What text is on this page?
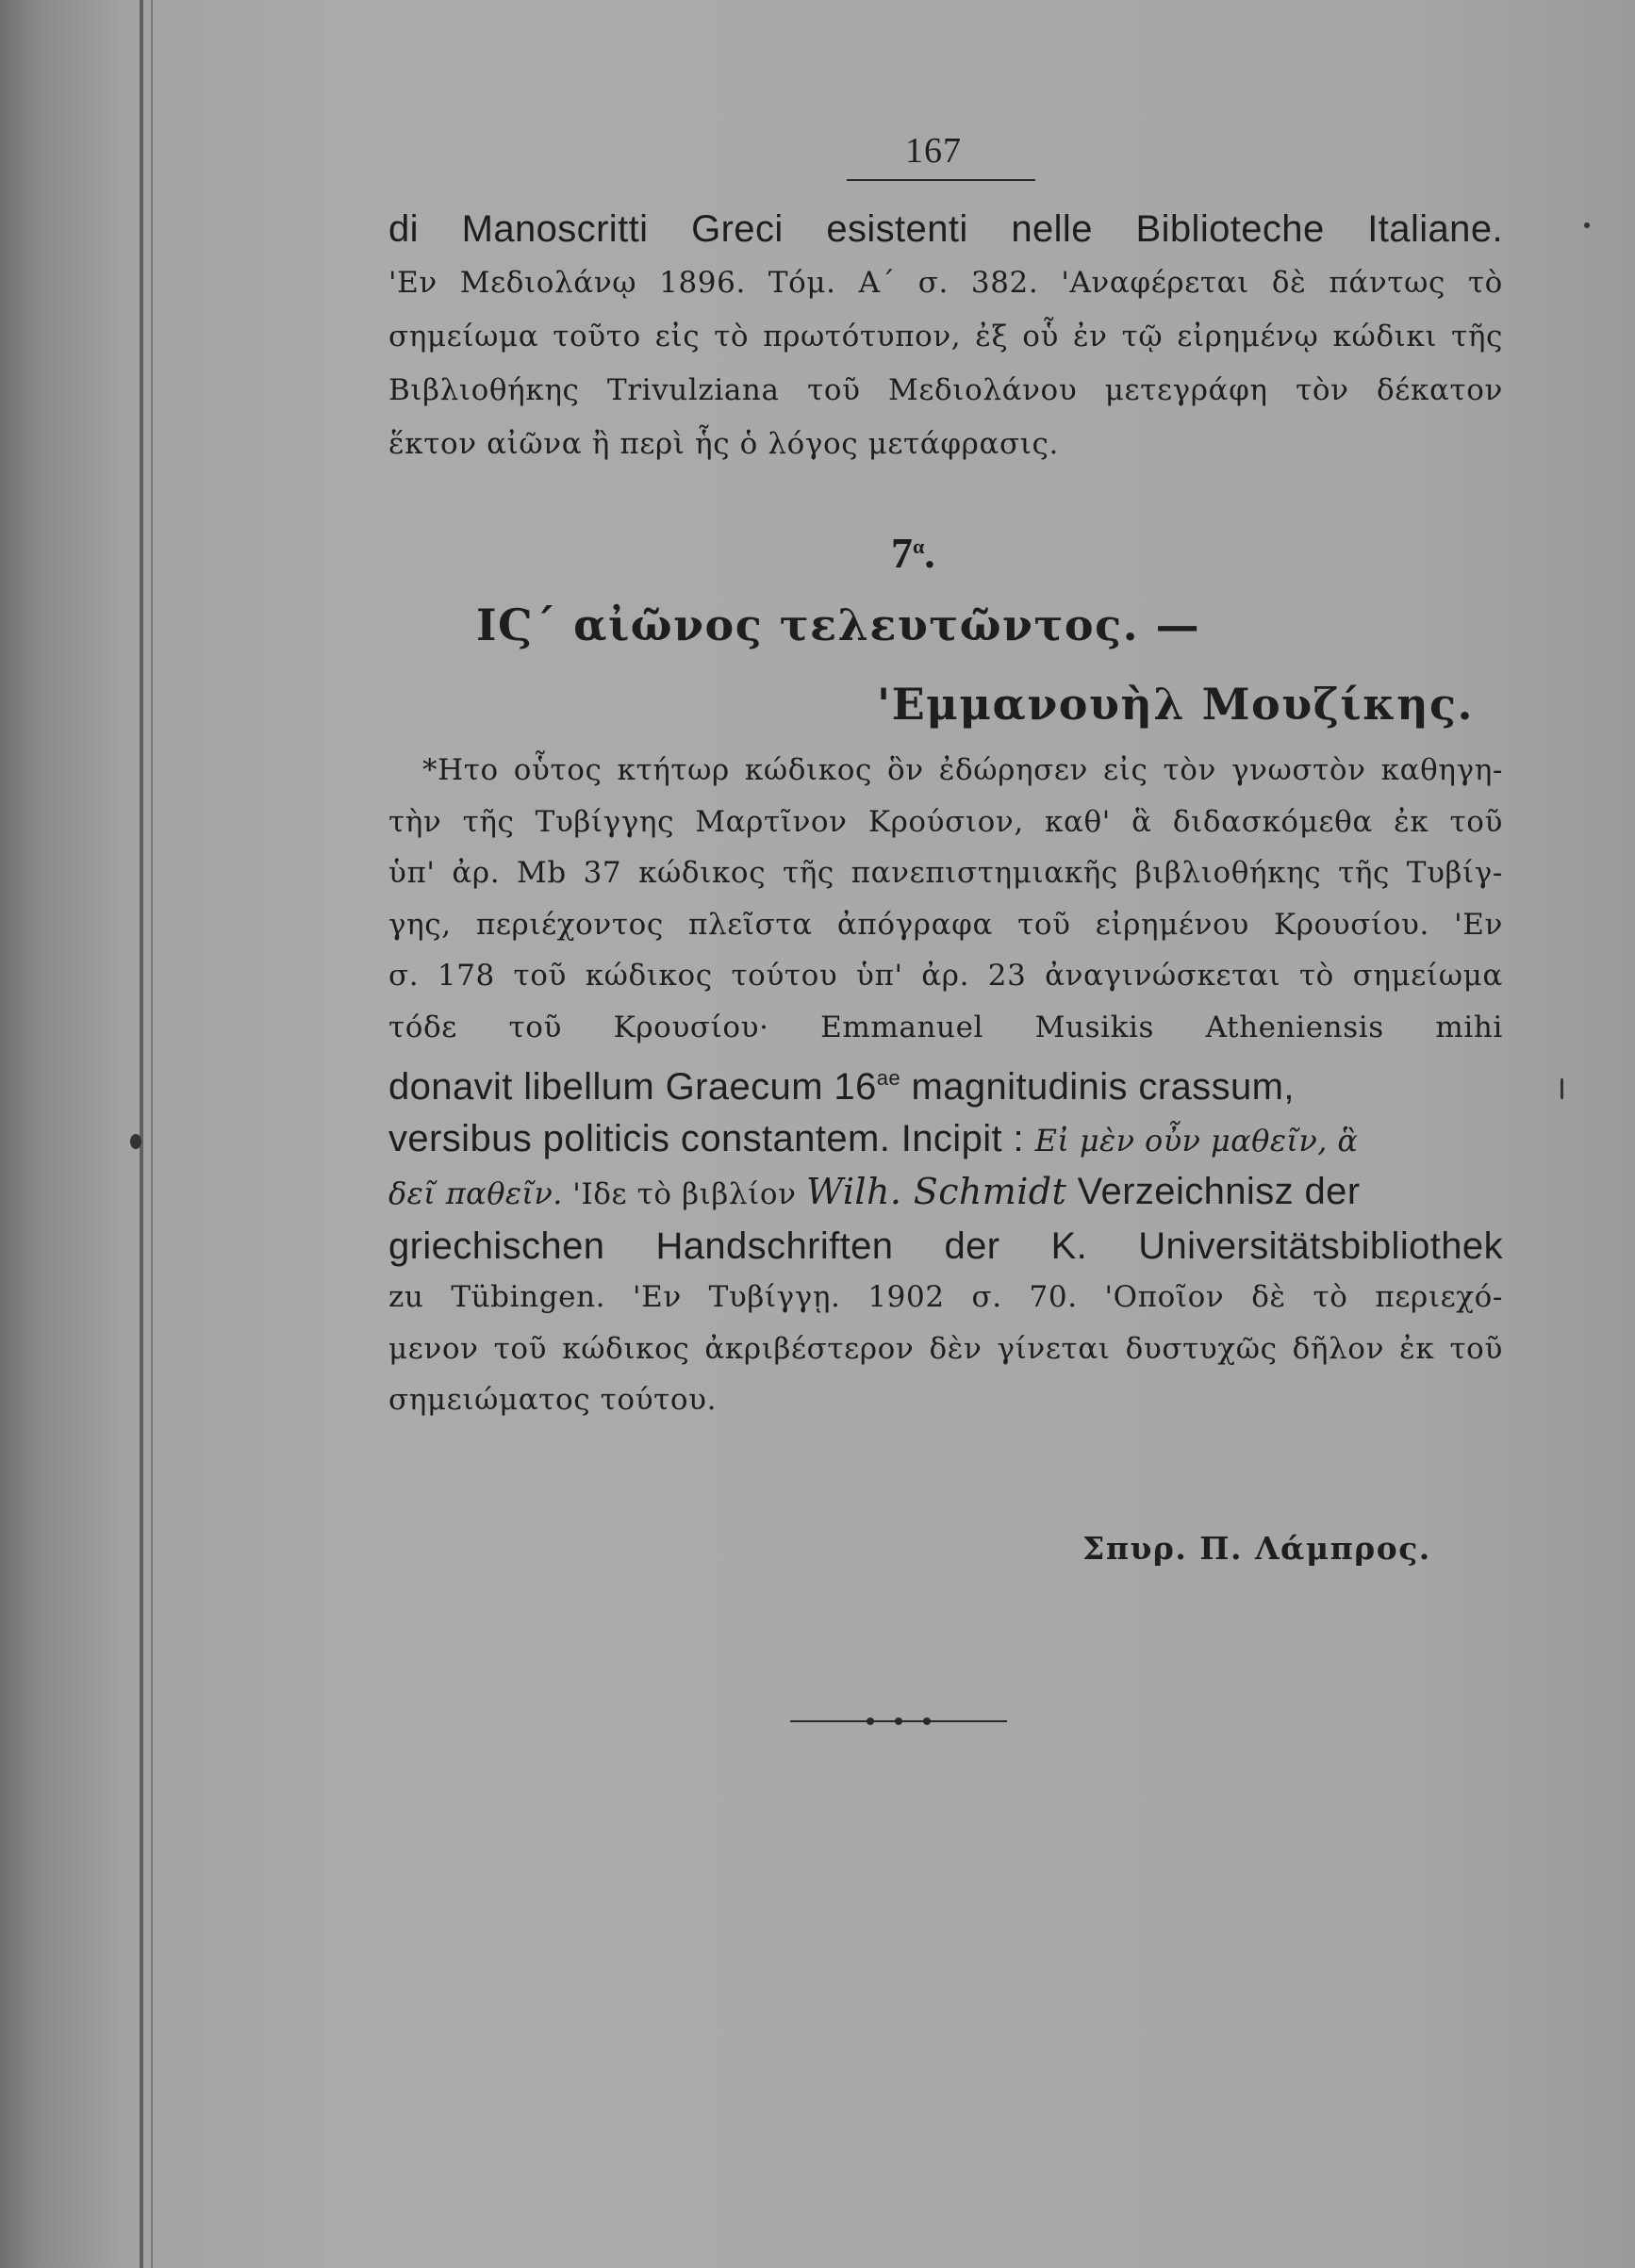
167
di Manoscritti Greci esistenti nelle Biblioteche Italiane.
'Εν Μεδιολάνῳ 1896. Τόμ. Α΄ σ. 382. 'Αναφέρεται δὲ πάντως τὸ
σημείωμα τοῦτο εἰς τὸ πρωτότυπον, ἐξ οὗ ἐν τῷ εἰρημένῳ κώδικι τῆς
Βιβλιοθήκης Trivulziana τοῦ Μεδιολάνου μετεγράφη τὸν δέκατον
ἕκτον αἰῶνα ἢ περὶ ἧς ὁ λόγος μετάφρασις.
$7^\alpha$.
ΙϚ΄ αἰῶνος τελευτῶντος. —
'Εμμανουὴλ Μουζίκης.
*Ητο οὗτος κτήτωρ κώδικος ὃν ἐδώρησεν εἰς τὸν γνωστὸν καθηγη-
τὴν τῆς Τυβίγγης Μαρτῖνον Κρούσιον, καθ' ἃ διδασκόμεθα ἐκ τοῦ
ὑπ' ἀρ. Mb 37 κώδικος τῆς πανεπιστημιακῆς βιβλιοθήκης τῆς Τυβίγ-
γης, περιέχοντος πλεῖστα ἀπόγραφα τοῦ εἰρημένου Κρουσίου. 'Εν
σ. 178 τοῦ κώδικος τούτου ὑπ' ἀρ. 23 ἀναγινώσκεται τὸ σημείωμα
τόδε τοῦ Κρουσίου· Emmanuel Musikis Atheniensis mihi
donavit libellum Graecum $16^{ae}$ magnitudinis crassum,
versibus politicis constantem. Incipit : Εἰ μὲν οὖν μαθεῖν, ἃ
δεῖ παθεῖν. 'Ιδε τὸ βιβλίον Wilh. Schmidt Verzeichnisz der
griechischen Handschriften der K. Universitätsbibliothek
zu Tübingen. 'Εν Τυβίγγῃ. 1902 σ. 70. 'Οποῖον δὲ τὸ περιεχό-
μενον τοῦ κώδικος ἀκριβέστερον δὲν γίνεται δυστυχῶς δῆλον ἐκ τοῦ
σημειώματος τούτου.
Σπυρ. Π. Λάμπρος.
